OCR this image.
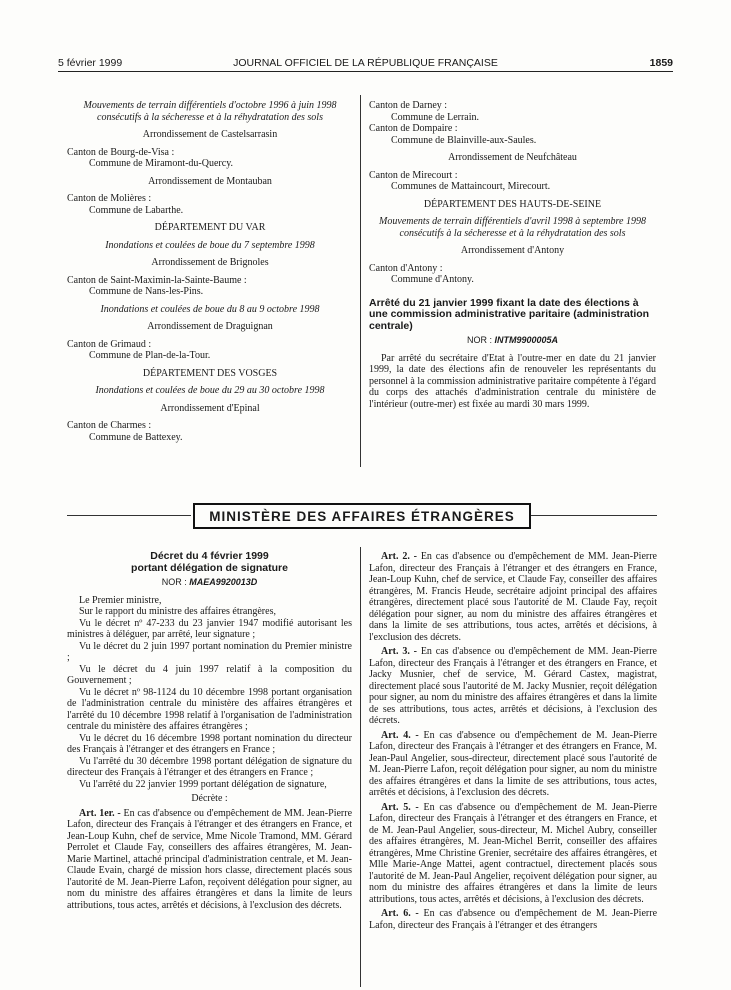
5 février 1999	JOURNAL OFFICIEL DE LA RÉPUBLIQUE FRANÇAISE	1859
Mouvements de terrain différentiels d'octobre 1996 à juin 1998 consécutifs à la sécheresse et à la réhydratation des sols
Arrondissement de Castelsarrasin
Canton de Bourg-de-Visa :
Commune de Miramont-du-Quercy.
Arrondissement de Montauban
Canton de Molières :
Commune de Labarthe.
DÉPARTEMENT DU VAR
Inondations et coulées de boue du 7 septembre 1998
Arrondissement de Brignoles
Canton de Saint-Maximin-la-Sainte-Baume :
Commune de Nans-les-Pins.
Inondations et coulées de boue du 8 au 9 octobre 1998
Arrondissement de Draguignan
Canton de Grimaud :
Commune de Plan-de-la-Tour.
DÉPARTEMENT DES VOSGES
Inondations et coulées de boue du 29 au 30 octobre 1998
Arrondissement d'Epinal
Canton de Charmes :
Commune de Battexey.
Canton de Darney :
Commune de Lerrain.
Canton de Dompaire :
Commune de Blainville-aux-Saules.
Arrondissement de Neufchâteau
Canton de Mirecourt :
Communes de Mattaincourt, Mirecourt.
DÉPARTEMENT DES HAUTS-DE-SEINE
Mouvements de terrain différentiels d'avril 1998 à septembre 1998 consécutifs à la sécheresse et à la réhydratation des sols
Arrondissement d'Antony
Canton d'Antony :
Commune d'Antony.
Arrêté du 21 janvier 1999 fixant la date des élections à une commission administrative paritaire (administration centrale)
NOR : INTM9900005A
Par arrêté du secrétaire d'Etat à l'outre-mer en date du 21 janvier 1999, la date des élections afin de renouveler les représentants du personnel à la commission administrative paritaire compétente à l'égard du corps des attachés d'administration centrale du ministère de l'intérieur (outre-mer) est fixée au mardi 30 mars 1999.
MINISTÈRE DES AFFAIRES ÉTRANGÈRES
Décret du 4 février 1999
portant délégation de signature
NOR : MAEA9920013D
Le Premier ministre,
Sur le rapport du ministre des affaires étrangères,
Vu le décret nº 47-233 du 23 janvier 1947 modifié autorisant les ministres à déléguer, par arrêté, leur signature ;
Vu le décret du 2 juin 1997 portant nomination du Premier ministre ;
Vu le décret du 4 juin 1997 relatif à la composition du Gouvernement ;
Vu le décret nº 98-1124 du 10 décembre 1998 portant organisation de l'administration centrale du ministère des affaires étrangères et l'arrêté du 10 décembre 1998 relatif à l'organisation de l'administration centrale du ministère des affaires étrangères ;
Vu le décret du 16 décembre 1998 portant nomination du directeur des Français à l'étranger et des étrangers en France ;
Vu l'arrêté du 30 décembre 1998 portant délégation de signature du directeur des Français à l'étranger et des étrangers en France ;
Vu l'arrêté du 22 janvier 1999 portant délégation de signature,
Décrète :
Art. 1er. - En cas d'absence ou d'empêchement de MM. Jean-Pierre Lafon, directeur des Français à l'étranger et des étrangers en France, et Jean-Loup Kuhn, chef de service, Mme Nicole Tramond, MM. Gérard Perrolet et Claude Fay, conseillers des affaires étrangères, M. Jean-Marie Martinel, attaché principal d'administration centrale, et M. Jean-Claude Evain, chargé de mission hors classe, directement placés sous l'autorité de M. Jean-Pierre Lafon, reçoivent délégation pour signer, au nom du ministre des affaires étrangères et dans la limite de leurs attributions, tous actes, arrêtés et décisions, à l'exclusion des décrets.
Art. 2. - En cas d'absence ou d'empêchement de MM. Jean-Pierre Lafon, directeur des Français à l'étranger et des étrangers en France, Jean-Loup Kuhn, chef de service, et Claude Fay, conseiller des affaires étrangères, M. Francis Heude, secrétaire adjoint principal des affaires étrangères, directement placé sous l'autorité de M. Claude Fay, reçoit délégation pour signer, au nom du ministre des affaires étrangères et dans la limite de ses attributions, tous actes, arrêtés et décisions, à l'exclusion des décrets.
Art. 3. - En cas d'absence ou d'empêchement de MM. Jean-Pierre Lafon, directeur des Français à l'étranger et des étrangers en France, et Jacky Musnier, chef de service, M. Gérard Castex, magistrat, directement placé sous l'autorité de M. Jacky Musnier, reçoit délégation pour signer, au nom du ministre des affaires étrangères et dans la limite de ses attributions, tous actes, arrêtés et décisions, à l'exclusion des décrets.
Art. 4. - En cas d'absence ou d'empêchement de M. Jean-Pierre Lafon, directeur des Français à l'étranger et des étrangers en France, M. Jean-Paul Angelier, sous-directeur, directement placé sous l'autorité de M. Jean-Pierre Lafon, reçoit délégation pour signer, au nom du ministre des affaires étrangères et dans la limite de ses attributions, tous actes, arrêtés et décisions, à l'exclusion des décrets.
Art. 5. - En cas d'absence ou d'empêchement de M. Jean-Pierre Lafon, directeur des Français à l'étranger et des étrangers en France, et de M. Jean-Paul Angelier, sous-directeur, M. Michel Aubry, conseiller des affaires étrangères, M. Jean-Michel Berrit, conseiller des affaires étrangères, Mme Christine Grenier, secrétaire des affaires étrangères, et Mlle Marie-Ange Mattei, agent contractuel, directement placés sous l'autorité de M. Jean-Paul Angelier, reçoivent délégation pour signer, au nom du ministre des affaires étrangères et dans la limite de leurs attributions, tous actes, arrêtés et décisions, à l'exclusion des décrets.
Art. 6. - En cas d'absence ou d'empêchement de M. Jean-Pierre Lafon, directeur des Français à l'étranger et des étrangers
